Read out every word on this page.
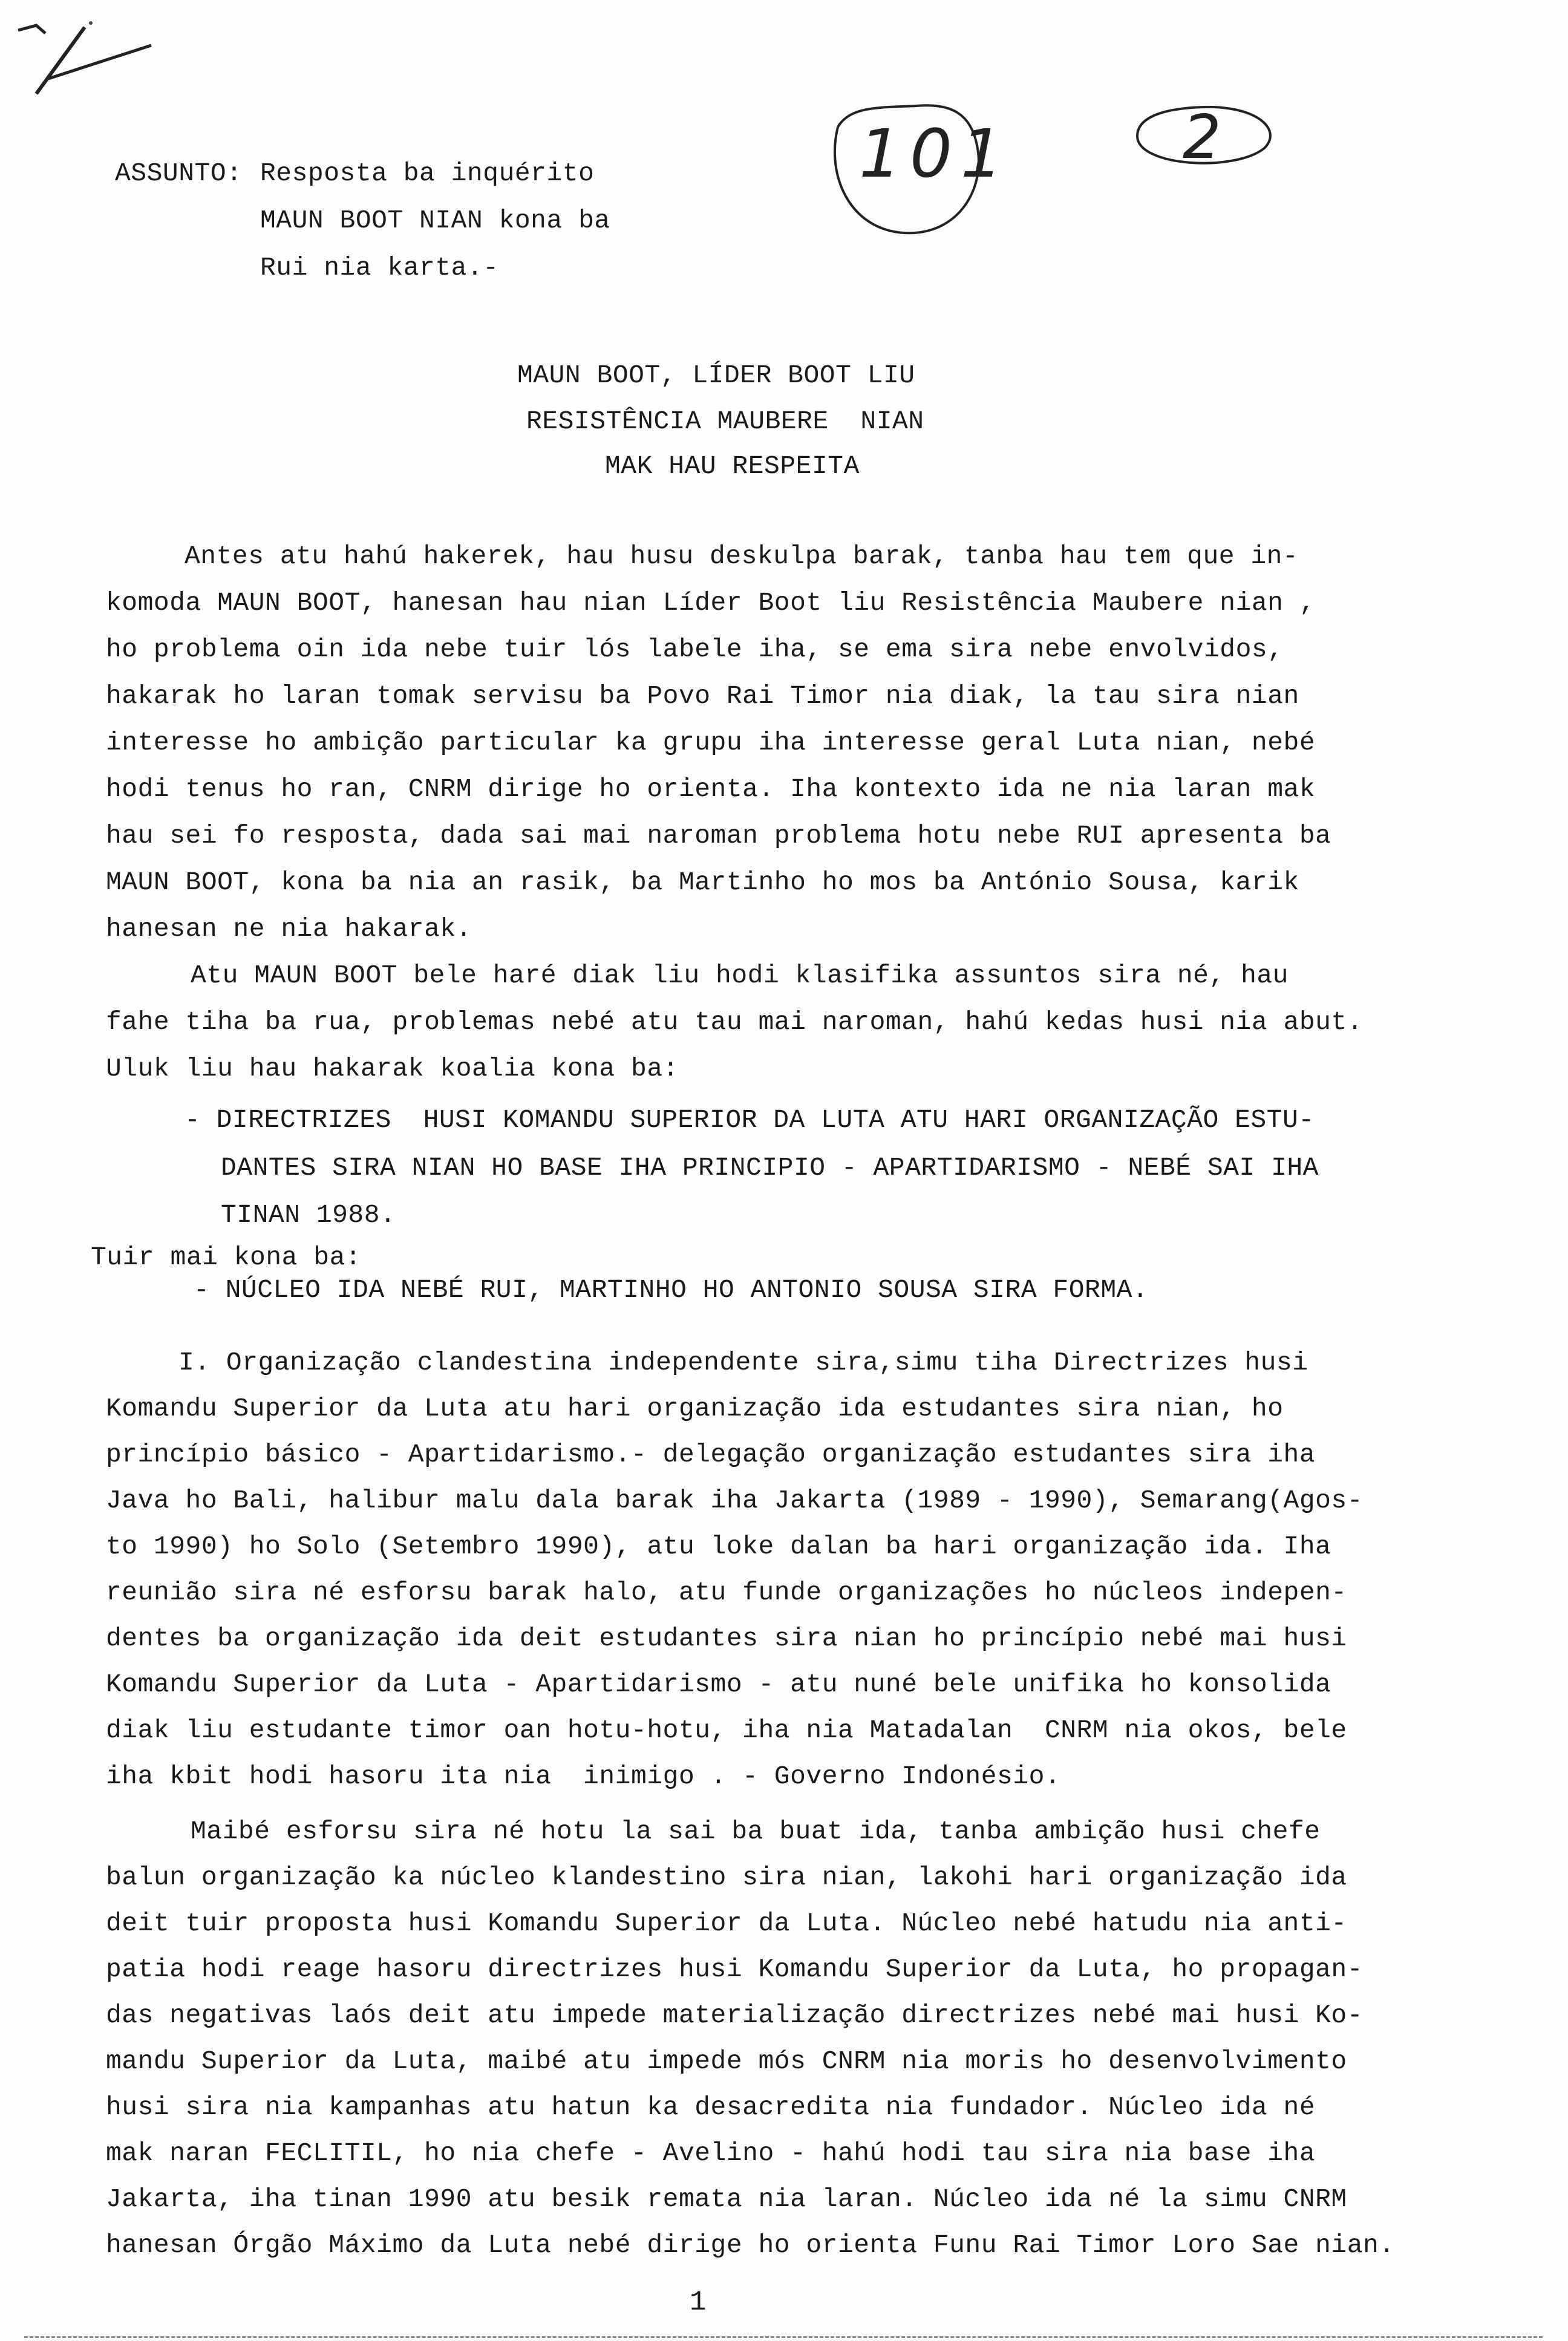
101	2
ASSUNTO: Resposta ba inquérito
MAUN BOOT NIAN kona ba
Rui nia karta.-
MAUN BOOT, LÍDER BOOT LIU
RESISTÊNCIA MAUBERE  NIAN
MAK HAU RESPEITA
Antes atu hahú hakerek, hau husu deskulpa barak, tanba hau tem que in-
komoda MAUN BOOT, hanesan hau nian Líder Boot liu Resistência Maubere nian ,
ho problema oin ida nebe tuir lós labele iha, se ema sira nebe envolvidos,
hakarak ho laran tomak servisu ba Povo Rai Timor nia diak, la tau sira nian
interesse ho ambição particular ka grupu iha interesse geral Luta nian, nebé
hodi tenus ho ran, CNRM dirige ho orienta. Iha kontexto ida ne nia laran mak
hau sei fo resposta, dada sai mai naroman problema hotu nebe RUI apresenta ba
MAUN BOOT, kona ba nia an rasik, ba Martinho ho mos ba António Sousa, karik
hanesan ne nia hakarak.
Atu MAUN BOOT bele haré diak liu hodi klasifika assuntos sira né, hau
fahe tiha ba rua, problemas nebé atu tau mai naroman, hahú kedas husi nia abut.
Uluk liu hau hakarak koalia kona ba:
- DIRECTRIZES  HUSI KOMANDU SUPERIOR DA LUTA ATU HARI ORGANIZAÇÃO ESTU-
DANTES SIRA NIAN HO BASE IHA PRINCIPIO - APARTIDARISMO - NEBÉ SAI IHA
TINAN 1988.
Tuir mai kona ba:
- NÚCLEO IDA NEBÉ RUI, MARTINHO HO ANTONIO SOUSA SIRA FORMA.
I. Organização clandestina independente sira,simu tiha Directrizes husi
Komandu Superior da Luta atu hari organização ida estudantes sira nian, ho
princípio básico - Apartidarismo.- delegação organização estudantes sira iha
Java ho Bali, halibur malu dala barak iha Jakarta (1989 - 1990), Semarang(Agos-
to 1990) ho Solo (Setembro 1990), atu loke dalan ba hari organização ida. Iha
reunião sira né esforsu barak halo, atu funde organizações ho núcleos indepen-
dentes ba organização ida deit estudantes sira nian ho princípio nebé mai husi
Komandu Superior da Luta - Apartidarismo - atu nuné bele unifika ho konsolida
diak liu estudante timor oan hotu-hotu, iha nia Matadalan  CNRM nia okos, bele
iha kbit hodi hasoru ita nia  inimigo . - Governo Indonésio.
Maibé esforsu sira né hotu la sai ba buat ida, tanba ambição husi chefe
balun organização ka núcleo klandestino sira nian, lakohi hari organização ida
deit tuir proposta husi Komandu Superior da Luta. Núcleo nebé hatudu nia anti-
patia hodi reage hasoru directrizes husi Komandu Superior da Luta, ho propagan-
das negativas laós deit atu impede materialização directrizes nebé mai husi Ko-
mandu Superior da Luta, maibé atu impede mós CNRM nia moris ho desenvolvimento
husi sira nia kampanhas atu hatun ka desacredita nia fundador. Núcleo ida né
mak naran FECLITIL, ho nia chefe - Avelino - hahú hodi tau sira nia base iha
Jakarta, iha tinan 1990 atu besik remata nia laran. Núcleo ida né la simu CNRM
hanesan Órgão Máximo da Luta nebé dirige ho orienta Funu Rai Timor Loro Sae nian.
1
